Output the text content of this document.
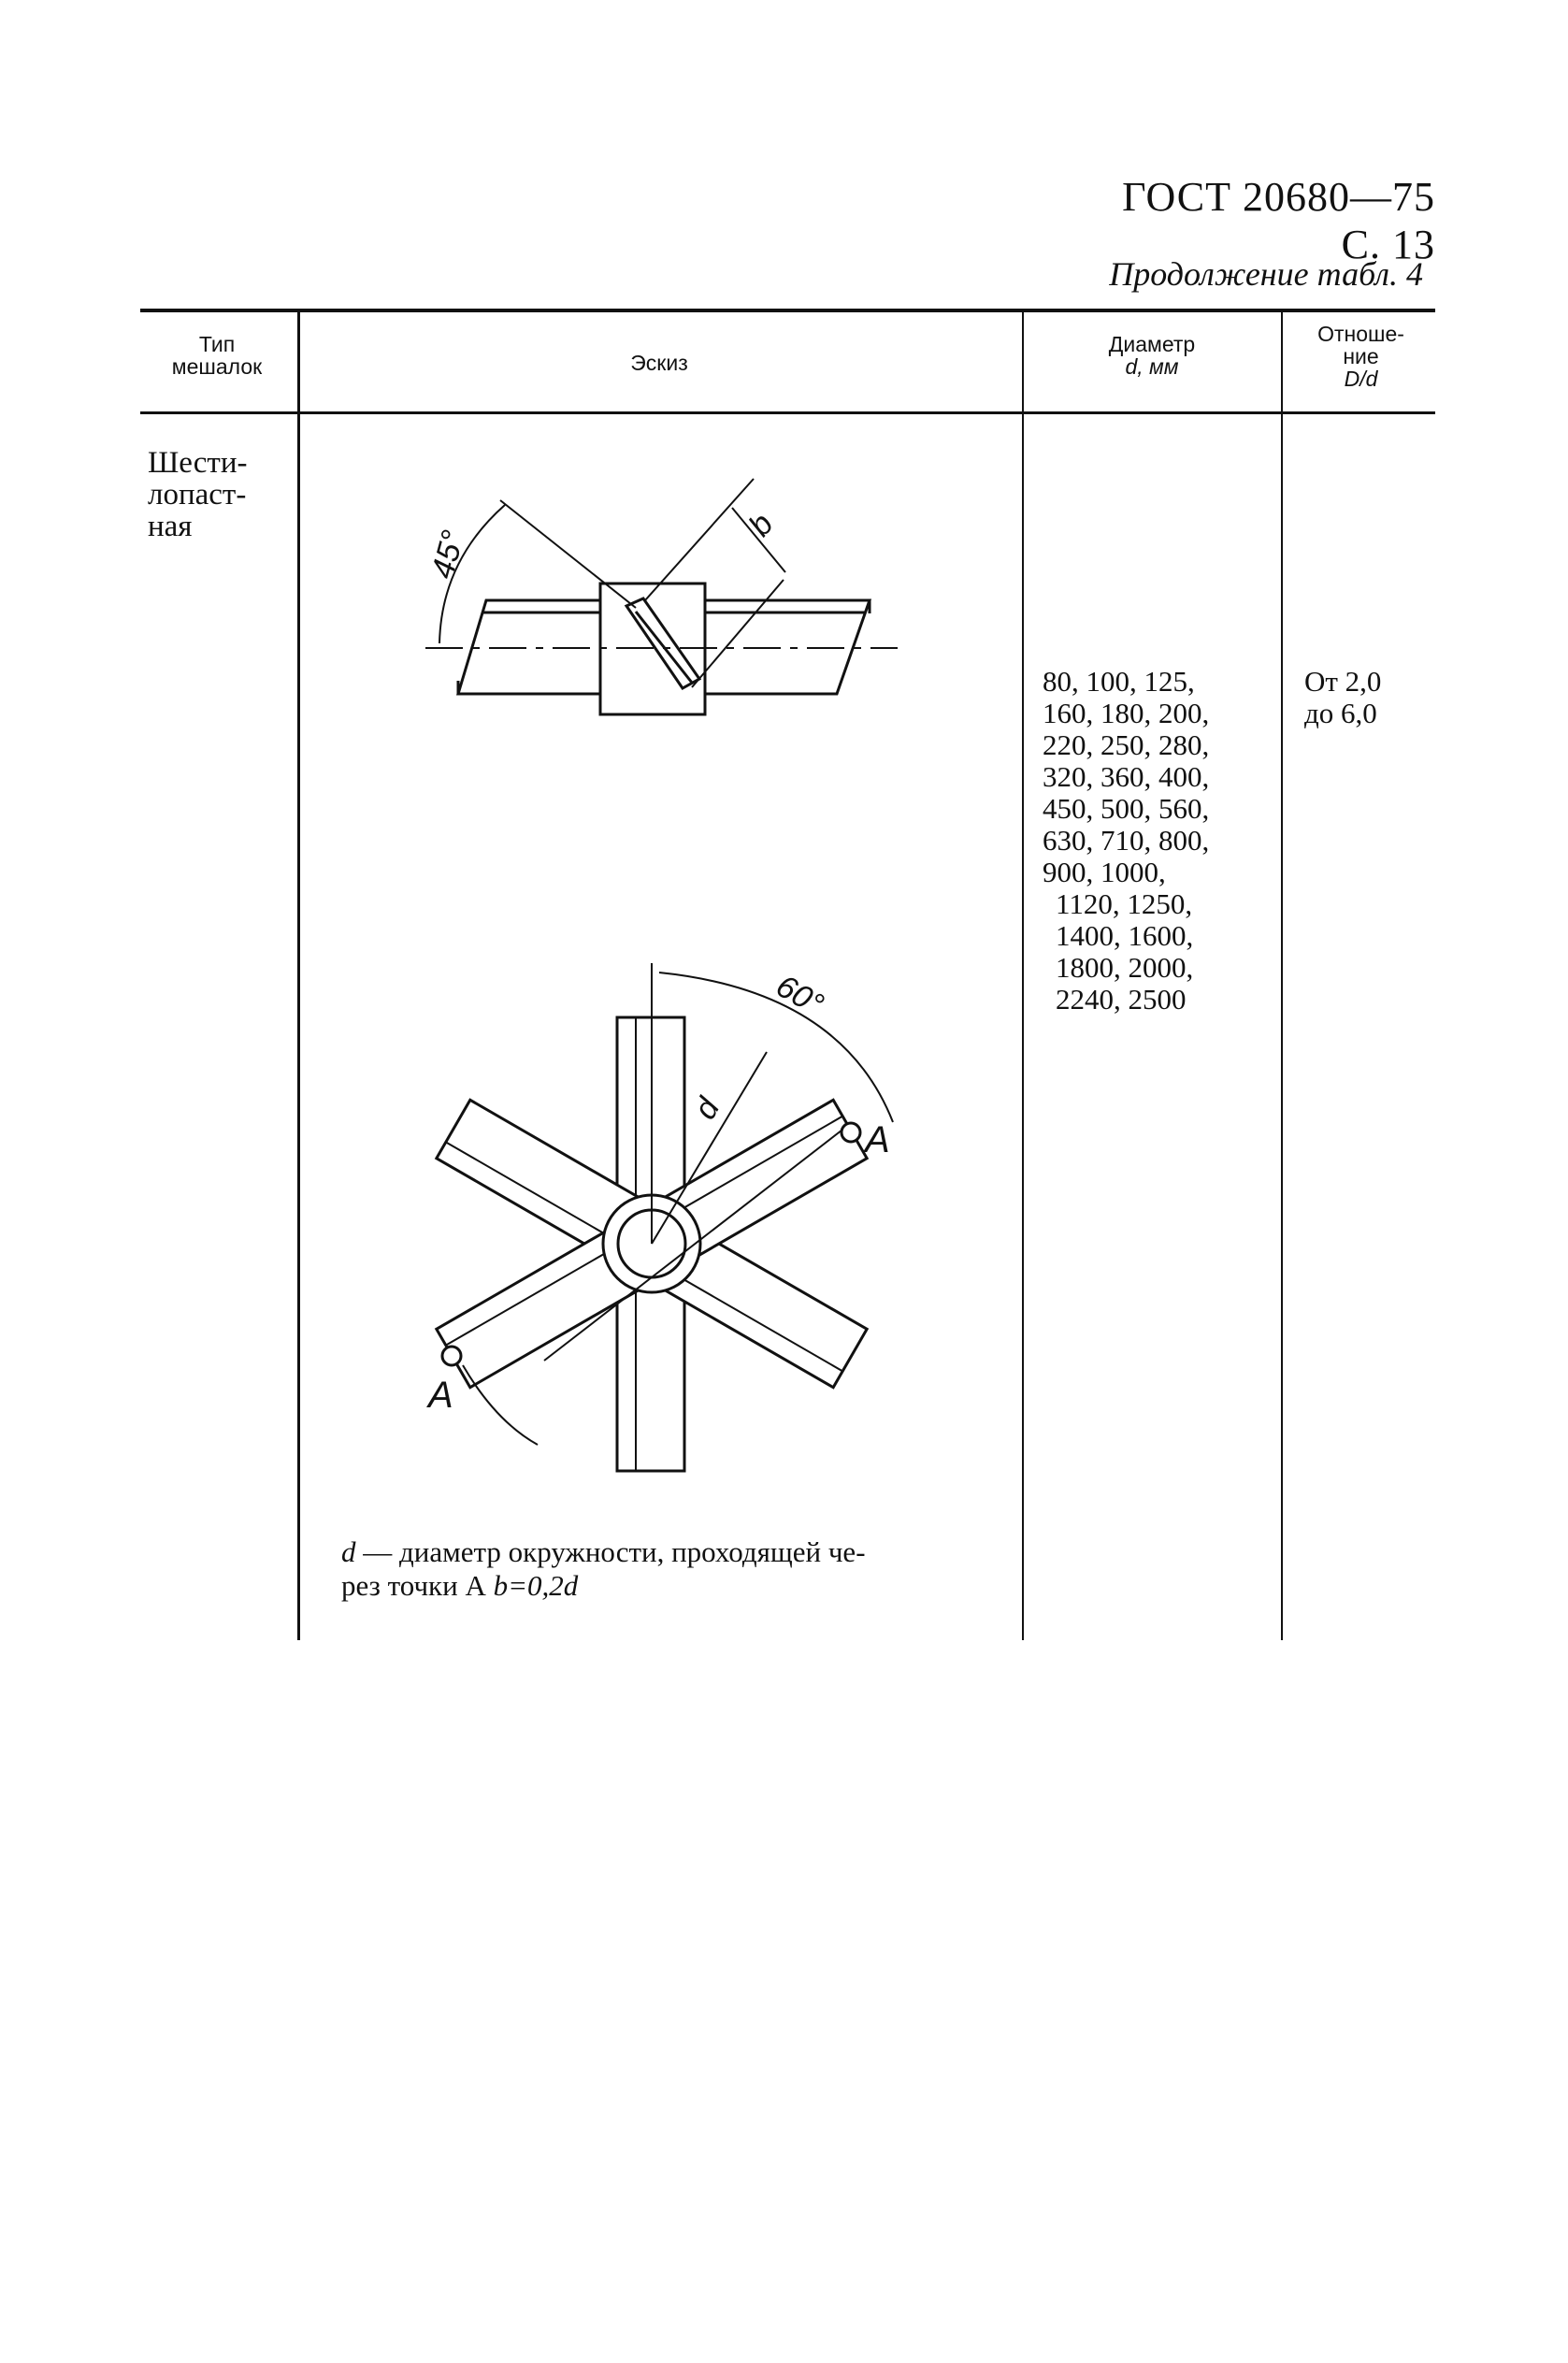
ГОСТ 20680—75 С. 13
Продолжение табл. 4
Тип
мешалок	Эскиз
Диаметр
d, мм
Отноше-
ние
D/d
Шести-
лопаст-
ная
80, 100, 125,
160, 180, 200,
220, 250, 280,
320, 360, 400,
450, 500, 560,
630, 710, 800,
900, 1000,
1120, 1250,
1400, 1600,
1800, 2000,
2240, 2500
От 2,0
до 6,0
d — диаметр окружности, проходящей че-
рез точки А b=0,2d
45°
b
60°
d
A
A
